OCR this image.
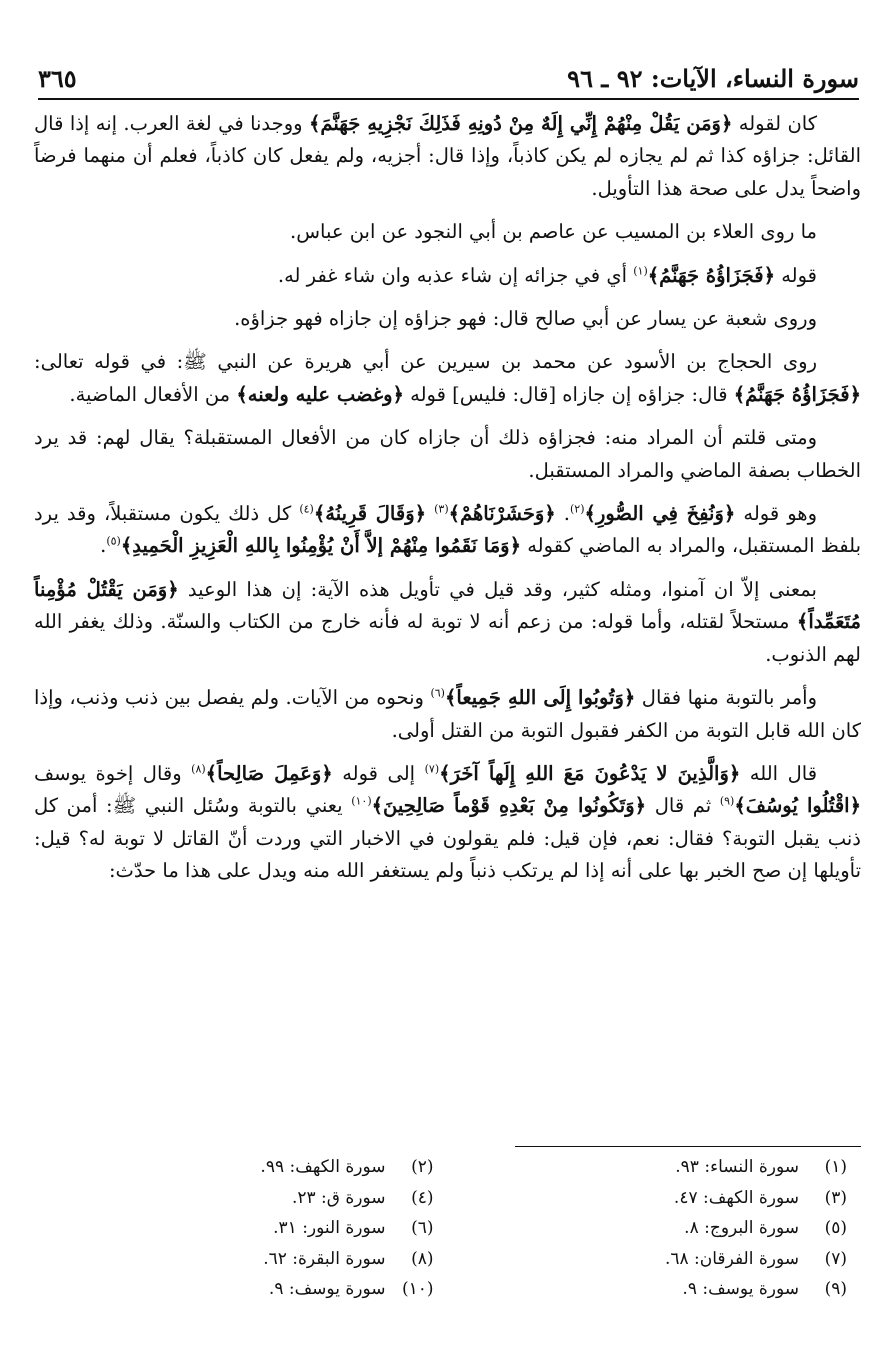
سورة النساء، الآيات: ٩٢ ـ ٩٦
٣٦٥

كان لقوله ﴿وَمَن يَقُلْ مِنْهُمْ إِنِّي إِلَهٌ مِنْ دُونِهِ فَذَلِكَ نَجْزِيهِ جَهَنَّمَ﴾ ووجدنا في لغة العرب. إنه إذا قال القائل: جزاؤه كذا ثم لم يجازه لم يكن كاذباً، وإذا قال: أجزيه، ولم يفعل كان كاذباً، فعلم أن منهما فرضاً واضحاً يدل على صحة هذا التأويل.

ما روى العلاء بن المسيب عن عاصم بن أبي النجود عن ابن عباس.

قوله ﴿فَجَزَاؤُهُ جَهَنَّمُ﴾$^{(١)}$ أي في جزائه إن شاء عذبه وان شاء غفر له.

وروى شعبة عن يسار عن أبي صالح قال: فهو جزاؤه إن جازاه فهو جزاؤه.

روى الحجاج بن الأسود عن محمد بن سيرين عن أبي هريرة عن النبي ﷺ: في قوله تعالى: ﴿فَجَزَاؤُهُ جَهَنَّمُ﴾ قال: جزاؤه إن جازاه [قال: فليس] قوله ﴿وغضب عليه ولعنه﴾ من الأفعال الماضية.

ومتى قلتم أن المراد منه: فجزاؤه ذلك أن جازاه كان من الأفعال المستقبلة؟ يقال لهم: قد يرد الخطاب بصفة الماضي والمراد المستقبل.

وهو قوله ﴿وَنُفِخَ فِي الصُّورِ﴾$^{(٢)}$. ﴿وَحَشَرْنَاهُمْ﴾$^{(٣)}$ ﴿وَقَالَ قَرِينُهُ﴾$^{(٤)}$ كل ذلك يكون مستقبلاً، وقد يرد بلفظ المستقبل، والمراد به الماضي كقوله ﴿وَمَا نَقَمُوا مِنْهُمْ إلاَّ أَنْ يُؤْمِنُوا بِاللهِ الْعَزِيزِ الْحَمِيدِ﴾$^{(٥)}$.

بمعنى إلاّ ان آمنوا، ومثله كثير، وقد قيل في تأويل هذه الآية: إن هذا الوعيد ﴿وَمَن يَقْتُلْ مُؤْمِناً مُتَعَمِّداً﴾ مستحلاً لقتله، وأما قوله: من زعم أنه لا توبة له فأنه خارج من الكتاب والسنّة. وذلك يغفر الله لهم الذنوب.

وأمر بالتوبة منها فقال ﴿وَتُوبُوا إِلَى اللهِ جَمِيعاً﴾$^{(٦)}$ ونحوه من الآيات. ولم يفصل بين ذنب وذنب، وإذا كان الله قابل التوبة من الكفر فقبول التوبة من القتل أولى.

قال الله ﴿وَالَّذِينَ لا يَدْعُونَ مَعَ اللهِ إِلَهاً آخَرَ﴾$^{(٧)}$ إلى قوله ﴿وَعَمِلَ صَالِحاً﴾$^{(٨)}$ وقال إخوة يوسف ﴿اقْتُلُوا يُوسُفَ﴾$^{(٩)}$ ثم قال ﴿وَتَكُونُوا مِنْ بَعْدِهِ قَوْماً صَالِحِينَ﴾$^{(١٠)}$ يعني بالتوبة وسُئل النبي ﷺ: أمن كل ذنب يقبل التوبة؟ فقال: نعم، فإن قيل: فلم يقولون في الاخبار التي وردت أنّ القاتل لا توبة له؟ قيل: تأويلها إن صح الخبر بها على أنه إذا لم يرتكب ذنباً ولم يستغفر الله منه ويدل على هذا ما حدّث:

(١)
سورة النساء: ٩٣.
(٢)
سورة الكهف: ٩٩.
(٣)
سورة الكهف: ٤٧.
(٤)
سورة ق: ٢٣.
(٥)
سورة البروج: ٨.
(٦)
سورة النور: ٣١.
(٧)
سورة الفرقان: ٦٨.
(٨)
سورة البقرة: ٦٢.
(٩)
سورة يوسف: ٩.
(١٠)
سورة يوسف: ٩.
